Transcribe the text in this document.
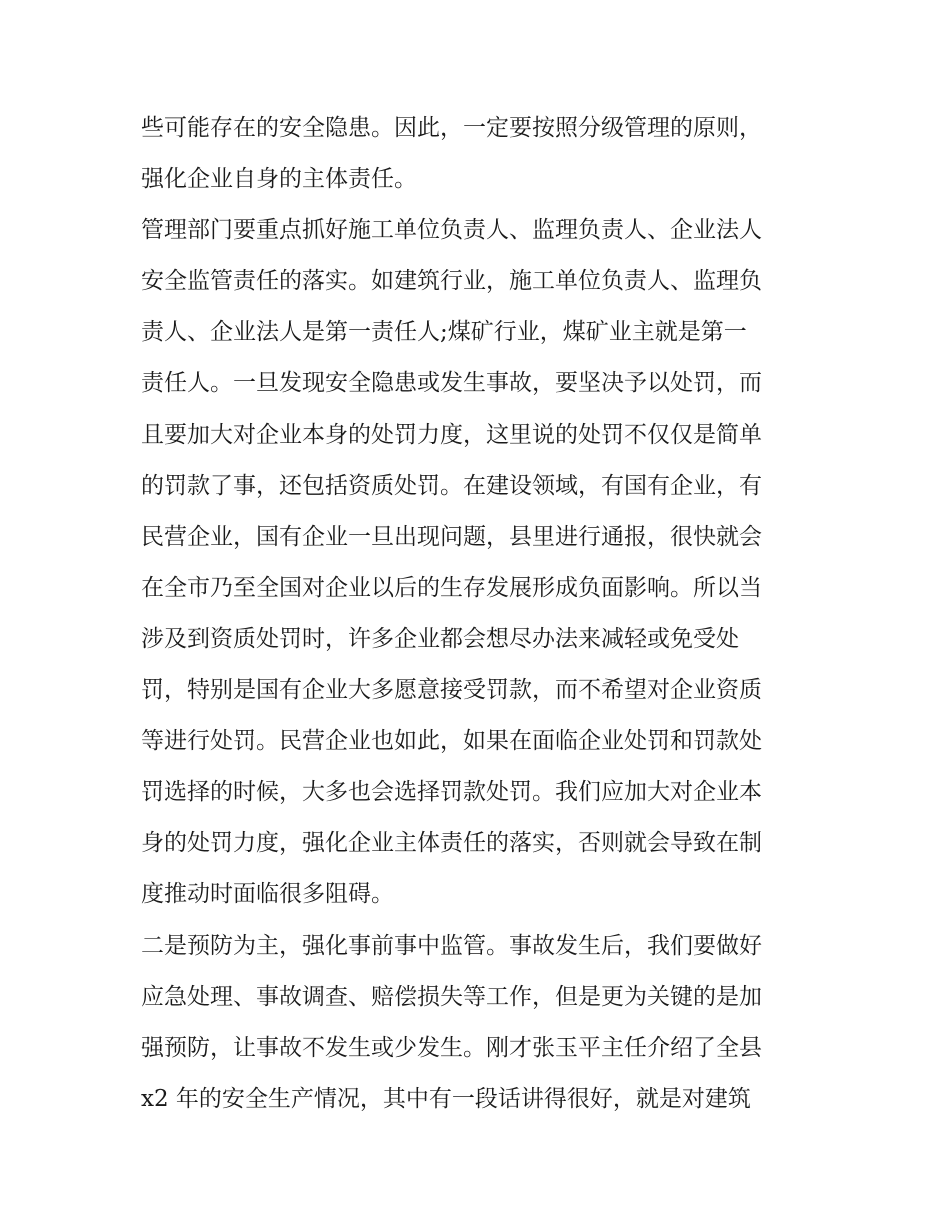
些可能存在的安全隐患。因此，一定要按照分级管理的原则，
强化企业自身的主体责任。
管理部门要重点抓好施工单位负责人、监理负责人、企业法人
安全监管责任的落实。如建筑行业，施工单位负责人、监理负
责人、企业法人是第一责任人;煤矿行业，煤矿业主就是第一
责任人。一旦发现安全隐患或发生事故，要坚决予以处罚，而
且要加大对企业本身的处罚力度，这里说的处罚不仅仅是简单
的罚款了事，还包括资质处罚。在建设领域，有国有企业，有
民营企业，国有企业一旦出现问题，县里进行通报，很快就会
在全市乃至全国对企业以后的生存发展形成负面影响。所以当
涉及到资质处罚时，许多企业都会想尽办法来减轻或免受处
罚，特别是国有企业大多愿意接受罚款，而不希望对企业资质
等进行处罚。民营企业也如此，如果在面临企业处罚和罚款处
罚选择的时候，大多也会选择罚款处罚。我们应加大对企业本
身的处罚力度，强化企业主体责任的落实，否则就会导致在制
度推动时面临很多阻碍。
二是预防为主，强化事前事中监管。事故发生后，我们要做好
应急处理、事故调查、赔偿损失等工作，但是更为关键的是加
强预防，让事故不发生或少发生。刚才张玉平主任介绍了全县
x2 年的安全生产情况，其中有一段话讲得很好，就是对建筑
